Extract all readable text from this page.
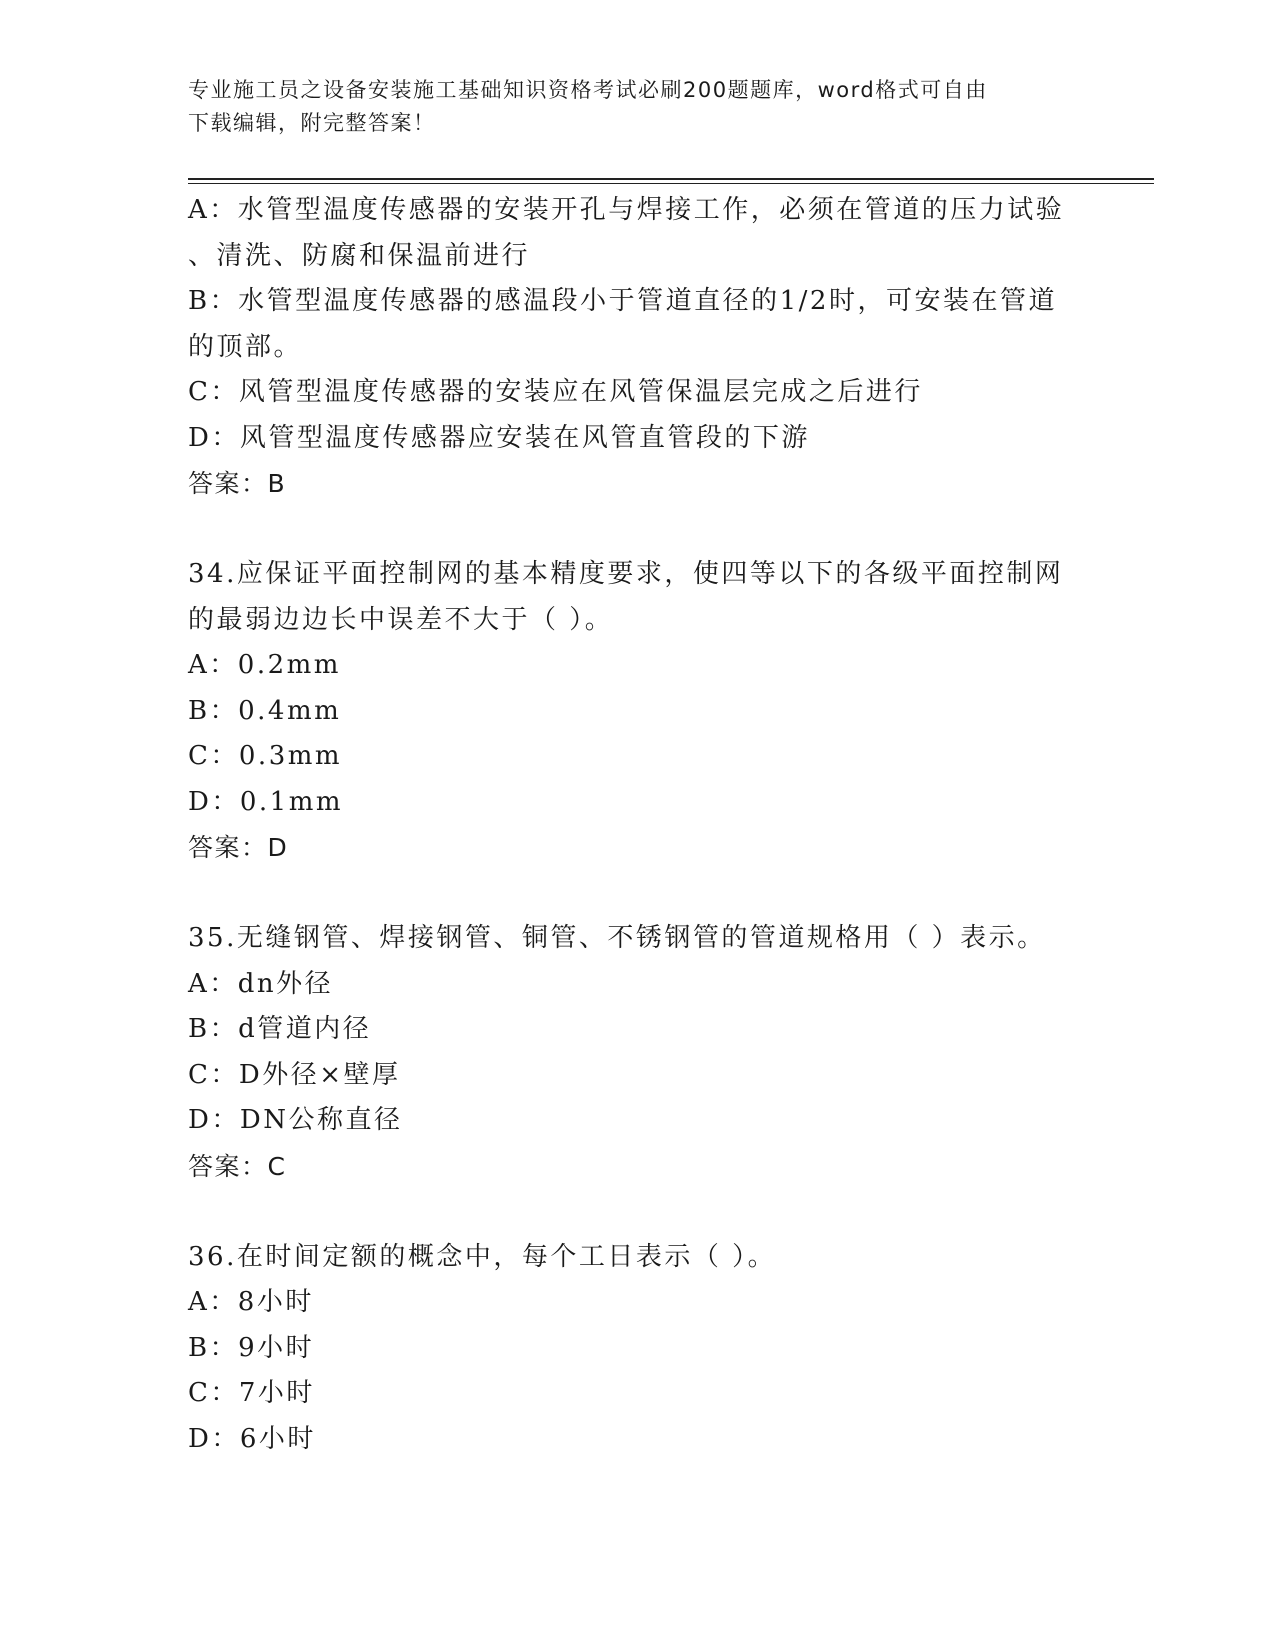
专业施工员之设备安装施工基础知识资格考试必刷200题题库，word格式可自由
下载编辑，附完整答案！
A：水管型温度传感器的安装开孔与焊接工作，必须在管道的压力试验
、清洗、防腐和保温前进行
B：水管型温度传感器的感温段小于管道直径的1/2时，可安装在管道
的顶部。
C：风管型温度传感器的安装应在风管保温层完成之后进行
D：风管型温度传感器应安装在风管直管段的下游
答案：B
34.应保证平面控制网的基本精度要求，使四等以下的各级平面控制网
的最弱边边长中误差不大于（ ）。
A：0.2mm
B：0.4mm
C：0.3mm
D：0.1mm
答案：D
35.无缝钢管、焊接钢管、铜管、不锈钢管的管道规格用（ ）表示。
A：dn外径
B：d管道内径
C：D外径×壁厚
D：DN公称直径
答案：C
36.在时间定额的概念中，每个工日表示（ ）。
A：8小时
B：9小时
C：7小时
D：6小时
